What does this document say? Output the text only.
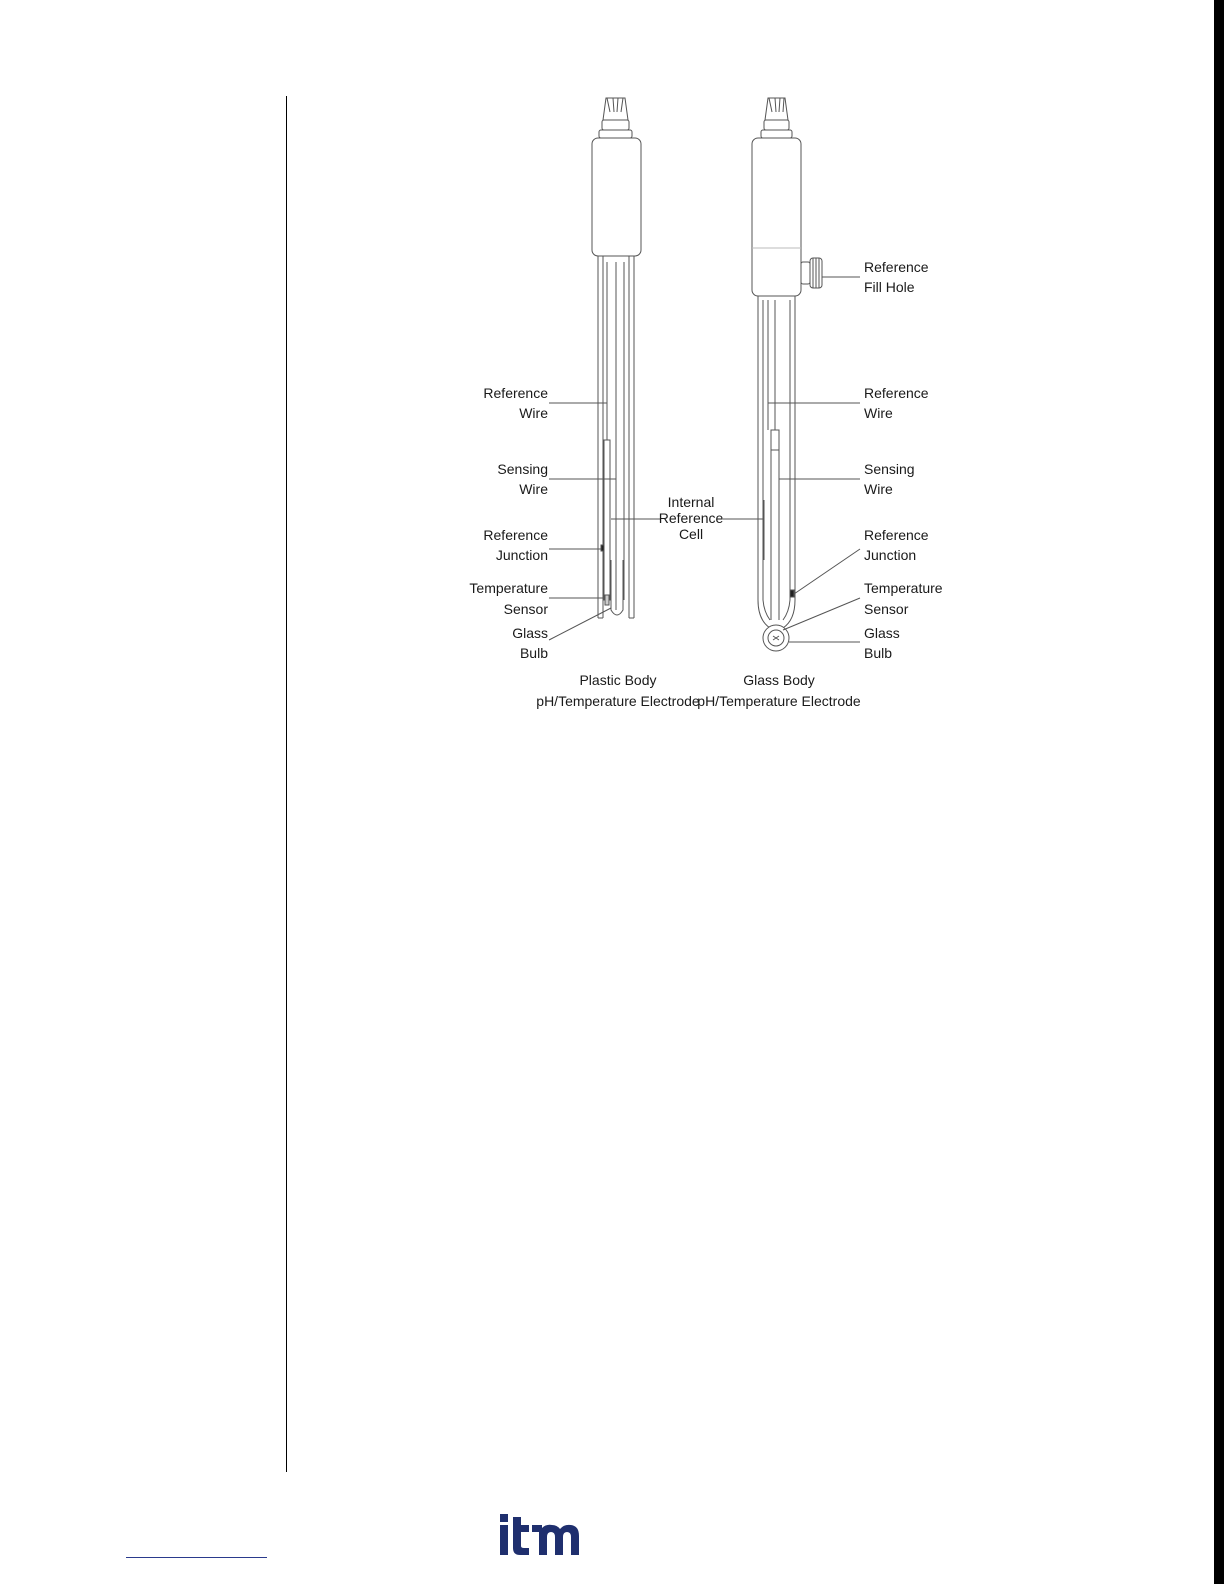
Reference
Wire
Sensing
Wire
Reference
Junction
Temperature
Sensor
Glass
Bulb
Internal
Reference
Cell
Reference
Fill Hole
Reference
Wire
Sensing
Wire
Reference
Junction
Temperature
Sensor
Glass
Bulb
Plastic Body
pH/Temperature Electrode
Glass Body
pH/Temperature Electrode
